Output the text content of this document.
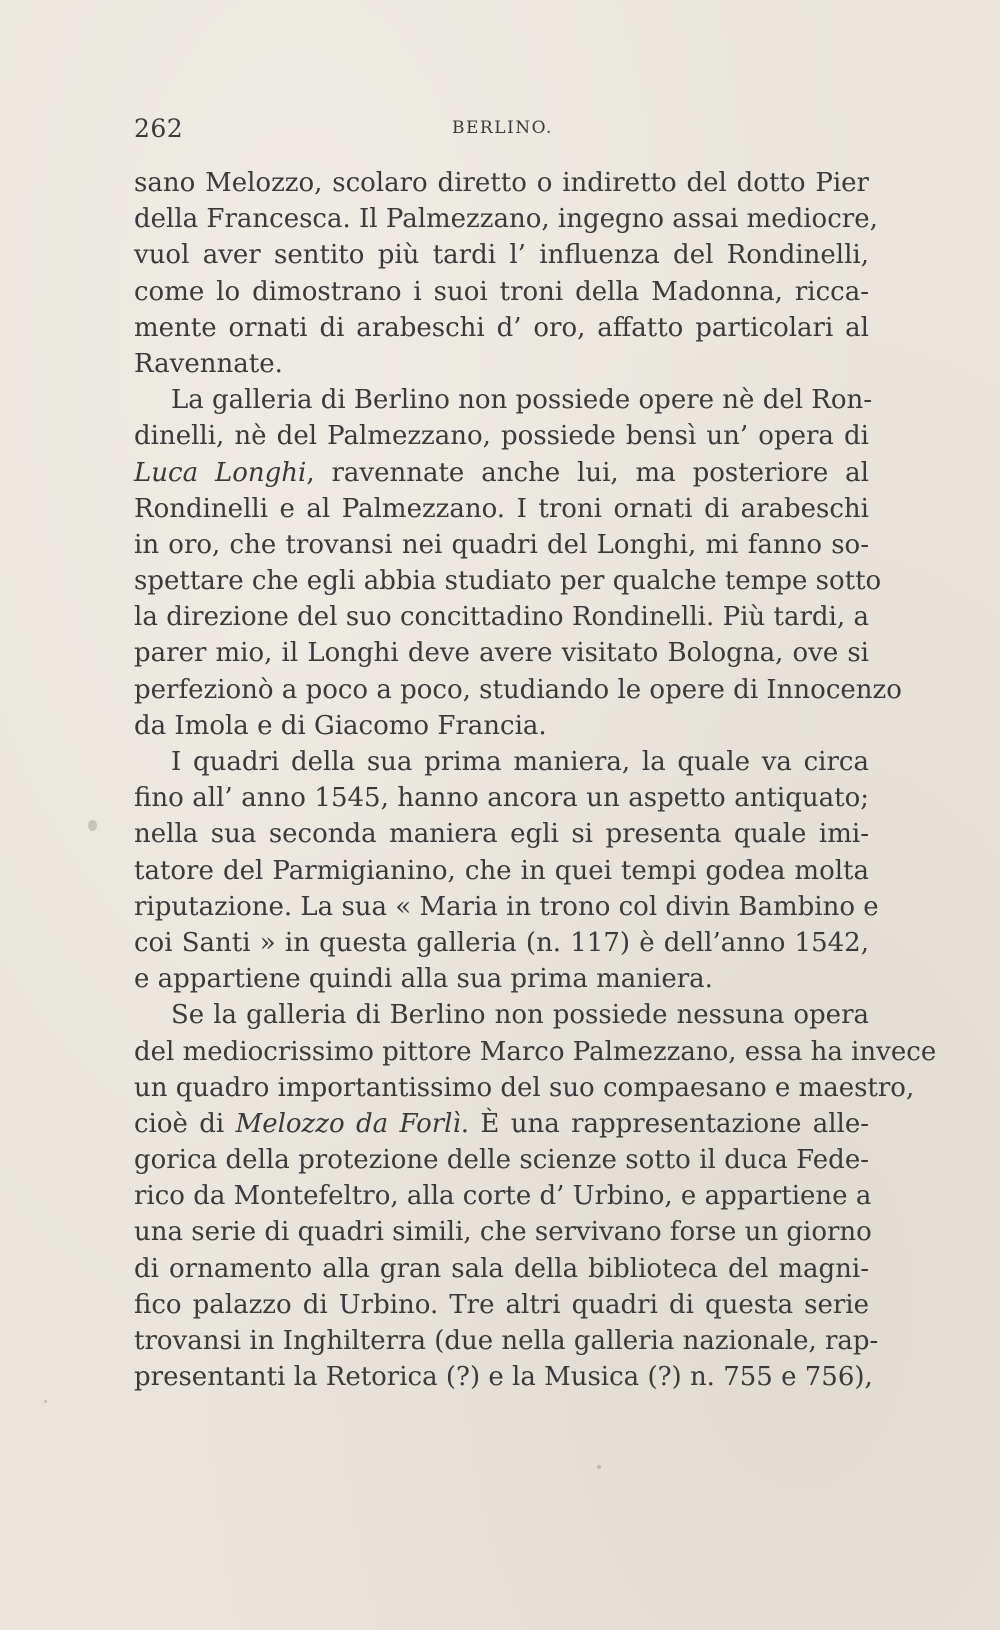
262	BERLINO.
sano Melozzo, scolaro diretto o indiretto del dotto Pier
della Francesca. Il Palmezzano, ingegno assai mediocre,
vuol aver sentito più tardi l’ influenza del Rondinelli,
come lo dimostrano i suoi troni della Madonna, ricca-
mente ornati di arabeschi d’ oro, affatto particolari al
Ravennate.
La galleria di Berlino non possiede opere nè del Ron-
dinelli, nè del Palmezzano, possiede bensì un’ opera di
Luca Longhi, ravennate anche lui, ma posteriore al
Rondinelli e al Palmezzano. I troni ornati di arabeschi
in oro, che trovansi nei quadri del Longhi, mi fanno so-
spettare che egli abbia studiato per qualche tempe sotto
la direzione del suo concittadino Rondinelli. Più tardi, a
parer mio, il Longhi deve avere visitato Bologna, ove si
perfezionò a poco a poco, studiando le opere di Innocenzo
da Imola e di Giacomo Francia.
I quadri della sua prima maniera, la quale va circa
fino all’ anno 1545, hanno ancora un aspetto antiquato;
nella sua seconda maniera egli si presenta quale imi-
tatore del Parmigianino, che in quei tempi godea molta
riputazione. La sua « Maria in trono col divin Bambino e
coi Santi » in questa galleria (n. 117) è dell’anno 1542,
e appartiene quindi alla sua prima maniera.
Se la galleria di Berlino non possiede nessuna opera
del mediocrissimo pittore Marco Palmezzano, essa ha invece
un quadro importantissimo del suo compaesano e maestro,
cioè di Melozzo da Forlì. È una rappresentazione alle-
gorica della protezione delle scienze sotto il duca Fede-
rico da Montefeltro, alla corte d’ Urbino, e appartiene a
una serie di quadri simili, che servivano forse un giorno
di ornamento alla gran sala della biblioteca del magni-
fico palazzo di Urbino. Tre altri quadri di questa serie
trovansi in Inghilterra (due nella galleria nazionale, rap-
presentanti la Retorica (?) e la Musica (?) n. 755 e 756),
